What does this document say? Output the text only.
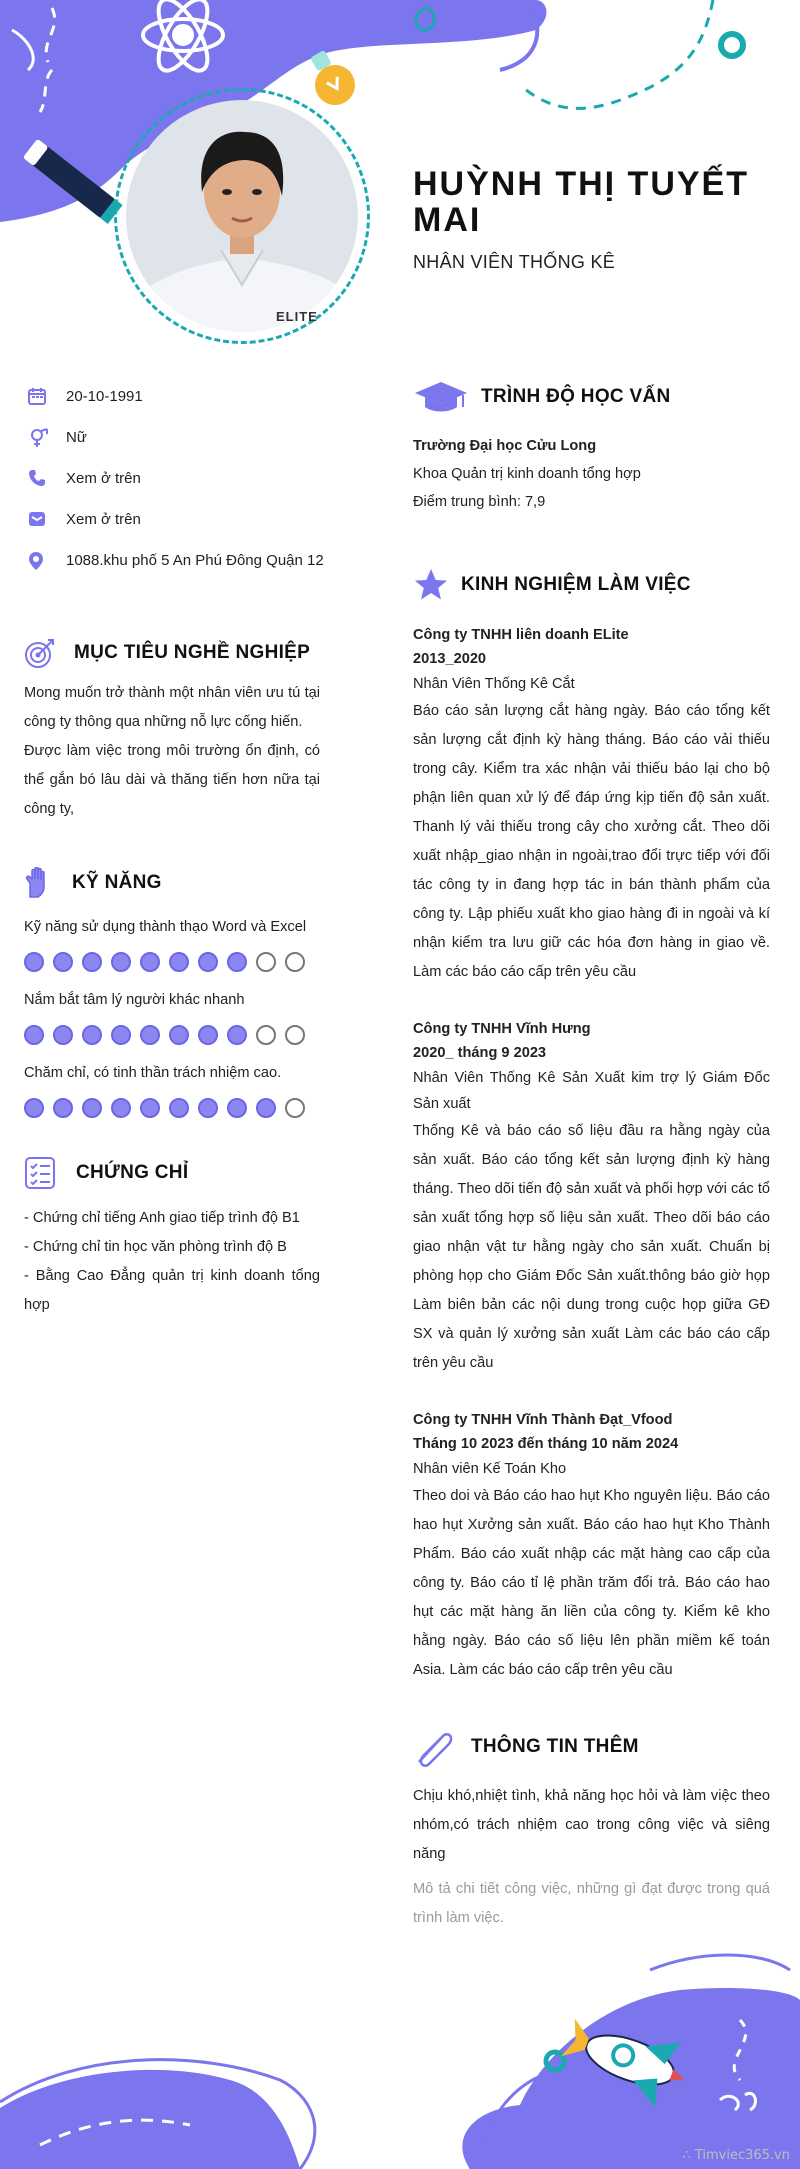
ELITE
HUỲNH THỊ TUYẾT MAI
NHÂN VIÊN THỐNG KÊ
20-10-1991
Nữ
Xem ở trên
Xem ở trên
1088.khu phố 5 An Phú Đông Quận 12
MỤC TIÊU NGHỀ NGHIỆP
Mong muốn trở thành một nhân viên ưu tú tại công ty thông qua những nỗ lực cống hiến.
Được làm việc trong môi trường ổn định, có thể gắn bó lâu dài và thăng tiến hơn nữa tại công ty,
KỸ NĂNG
Kỹ năng sử dụng thành thạo Word và Excel
Nắm bắt tâm lý người khác nhanh
Chăm chỉ, có tinh thần trách nhiệm cao.
CHỨNG CHỈ
- Chứng chỉ tiếng Anh giao tiếp trình độ B1
- Chứng chỉ tin học văn phòng trình độ B
- Bằng Cao Đẳng quản trị kinh doanh tổng hợp
TRÌNH ĐỘ HỌC VẤN
Trường Đại học Cửu Long
Khoa Quản trị kinh doanh tổng hợp
Điểm trung bình: 7,9
KINH NGHIỆM LÀM VIỆC
Công ty TNHH liên doanh ELite
2013_2020
Nhân Viên Thống Kê Cắt
Báo cáo sản lượng cắt hàng ngày. Báo cáo tổng kết sản lượng cắt định kỳ hàng tháng. Báo cáo vải thiếu trong cây. Kiểm tra xác nhận vải thiếu báo lại cho bộ phận liên quan xử lý để đáp ứng kịp tiến độ sản xuất. Thanh lý vải thiếu trong cây cho xưởng cắt. Theo dõi xuất nhập_giao nhận in ngoài,trao đổi trực tiếp với đối tác công ty in đang hợp tác in bán thành phẩm của công ty. Lập phiếu xuất kho giao hàng đi in ngoài và kí nhận kiểm tra lưu giữ các hóa đơn hàng in giao về. Làm các báo cáo cấp trên yêu cầu
Công ty TNHH Vĩnh Hưng
2020_ tháng 9 2023
Nhân Viên Thống Kê Sản Xuất kim trợ lý Giám Đốc Sản xuất
Thống Kê và báo cáo số liệu đầu ra hằng ngày của sản xuất. Báo cáo tổng kết sản lượng định kỳ hàng tháng. Theo dõi tiến độ sản xuất và phối hợp với các tổ sản xuất tổng hợp số liệu sản xuất. Theo dõi báo cáo giao nhận vật tư hằng ngày cho sản xuất. Chuẩn bị phòng họp cho Giám Đốc Sản xuất.thông báo giờ họp Làm biên bản các nội dung trong cuộc họp giữa GĐ SX và quản lý xưởng sản xuất Làm các báo cáo cấp trên yêu cầu
Công ty TNHH Vĩnh Thành Đạt_Vfood
Tháng 10 2023 đến tháng 10 năm 2024
Nhân viên Kế Toán Kho
Theo doi và Báo cáo hao hụt Kho nguyên liệu. Báo cáo hao hụt Xưởng sản xuất. Báo cáo hao hụt Kho Thành Phẩm. Báo cáo xuất nhập các mặt hàng cao cấp của công ty. Báo cáo tỉ lệ phần trăm đổi trả. Báo cáo hao hụt các mặt hàng ăn liền của công ty. Kiểm kê kho hằng ngày. Báo cáo số liệu lên phần miềm kế toán Asia. Làm các báo cáo cấp trên yêu cầu
THÔNG TIN THÊM
Chịu khó,nhiệt tình, khả năng học hỏi và làm việc theo nhóm,có trách nhiệm cao trong công việc và siêng năng
Mô tả chi tiết công việc, những gì đạt được trong quá trình làm việc.
∴ Timviec365.vn
